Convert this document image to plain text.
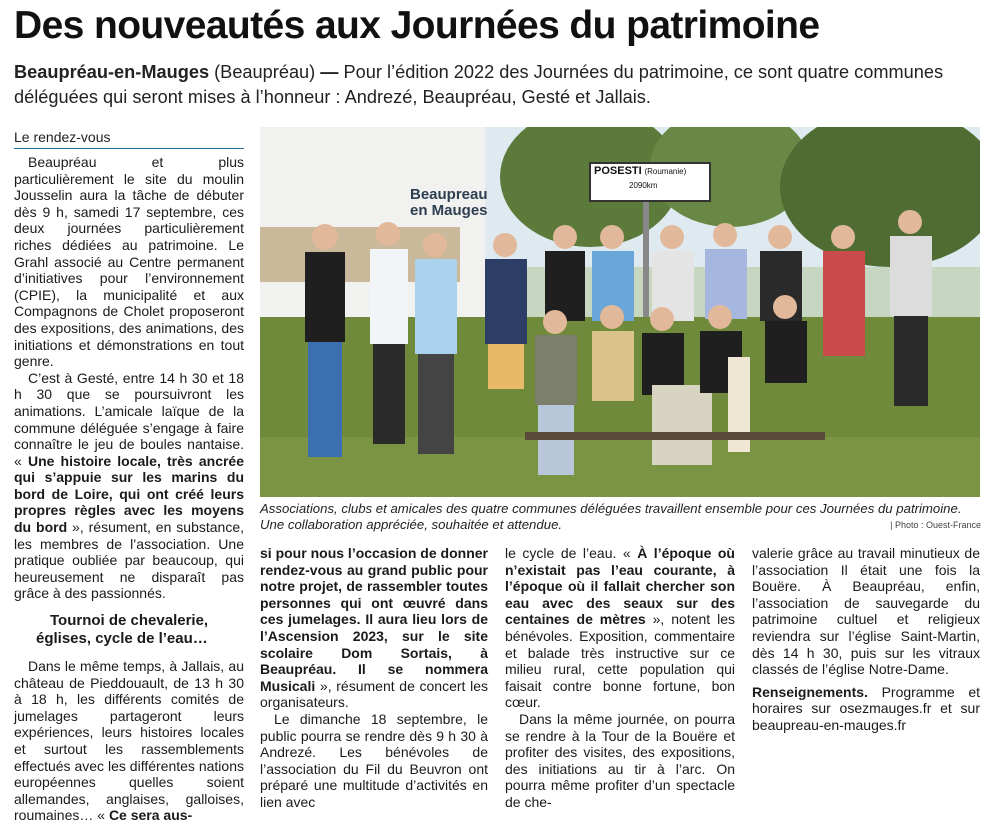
Des nouveautés aux Journées du patrimoine
Beaupréau-en-Mauges (Beaupréau) — Pour l’édition 2022 des Journées du patrimoine, ce sont quatre communes déléguées qui seront mises à l’honneur : Andrezé, Beaupréau, Gesté et Jallais.
Le rendez-vous

Beaupréau et plus particulièrement le site du moulin Jousselin aura la tâche de débuter dès 9 h, samedi 17 septembre, ces deux journées particulièrement riches dédiées au patrimoine. Le Grahl associé au Centre permanent d’initiatives pour l’environnement (CPIE), la municipalité et aux Compagnons de Cholet proposeront des expositions, des animations, des initiations et démonstrations en tout genre.

C’est à Gesté, entre 14 h 30 et 18 h 30 que se poursuivront les animations. L’amicale laïque de la commune déléguée s’engage à faire connaître le jeu de boules nantaise. « Une histoire locale, très ancrée qui s’appuie sur les marins du bord de Loire, qui ont créé leurs propres règles avec les moyens du bord », résument, en substance, les membres de l’association. Une pratique oubliée par beaucoup, qui heureusement ne disparaît pas grâce à des passionnés.

Tournoi de chevalerie, églises, cycle de l’eau…

Dans le même temps, à Jallais, au château de Pieddouault, de 13 h 30 à 18 h, les différents comités de jumelages partageront leurs expériences, leurs histoires locales et surtout les rassemblements effectués avec les différentes nations européennes quelles soient allemandes, anglaises, galloises, roumaines… « Ce sera aus-

Beaupreau
en Mauges
POSESTI (Roumanie)
2090km
Associations, clubs et amicales des quatre communes déléguées travaillent ensemble pour ces Journées du patrimoine. Une collaboration appréciée, souhaitée et attendue.	| Photo : Ouest-France

si pour nous l’occasion de donner rendez-vous au grand public pour notre projet, de rassembler toutes personnes qui ont œuvré dans ces jumelages. Il aura lieu lors de l’Ascension 2023, sur le site scolaire Dom Sortais, à Beaupréau. Il se nommera Musicali », résument de concert les organisateurs.

Le dimanche 18 septembre, le public pourra se rendre dès 9 h 30 à Andrezé. Les bénévoles de l’association du Fil du Beuvron ont préparé une multitude d’activités en lien avec

le cycle de l’eau. « À l’époque où n’existait pas l’eau courante, à l’époque où il fallait chercher son eau avec des seaux sur des centaines de mètres », notent les bénévoles. Exposition, commentaire et balade très instructive sur ce milieu rural, cette population qui faisait contre bonne fortune, bon cœur.

Dans la même journée, on pourra se rendre à la Tour de la Bouëre et profiter des visites, des expositions, des initiations au tir à l’arc. On pourra même profiter d’un spectacle de che-

valerie grâce au travail minutieux de l’association Il était une fois la Bouëre. À Beaupréau, enfin, l’association de sauvegarde du patrimoine cultuel et religieux reviendra sur l’église Saint-Martin, dès 14 h 30, puis sur les vitraux classés de l’église Notre-Dame.

Renseignements. Programme et horaires sur osezmauges.fr et sur beaupreau-en-mauges.fr
